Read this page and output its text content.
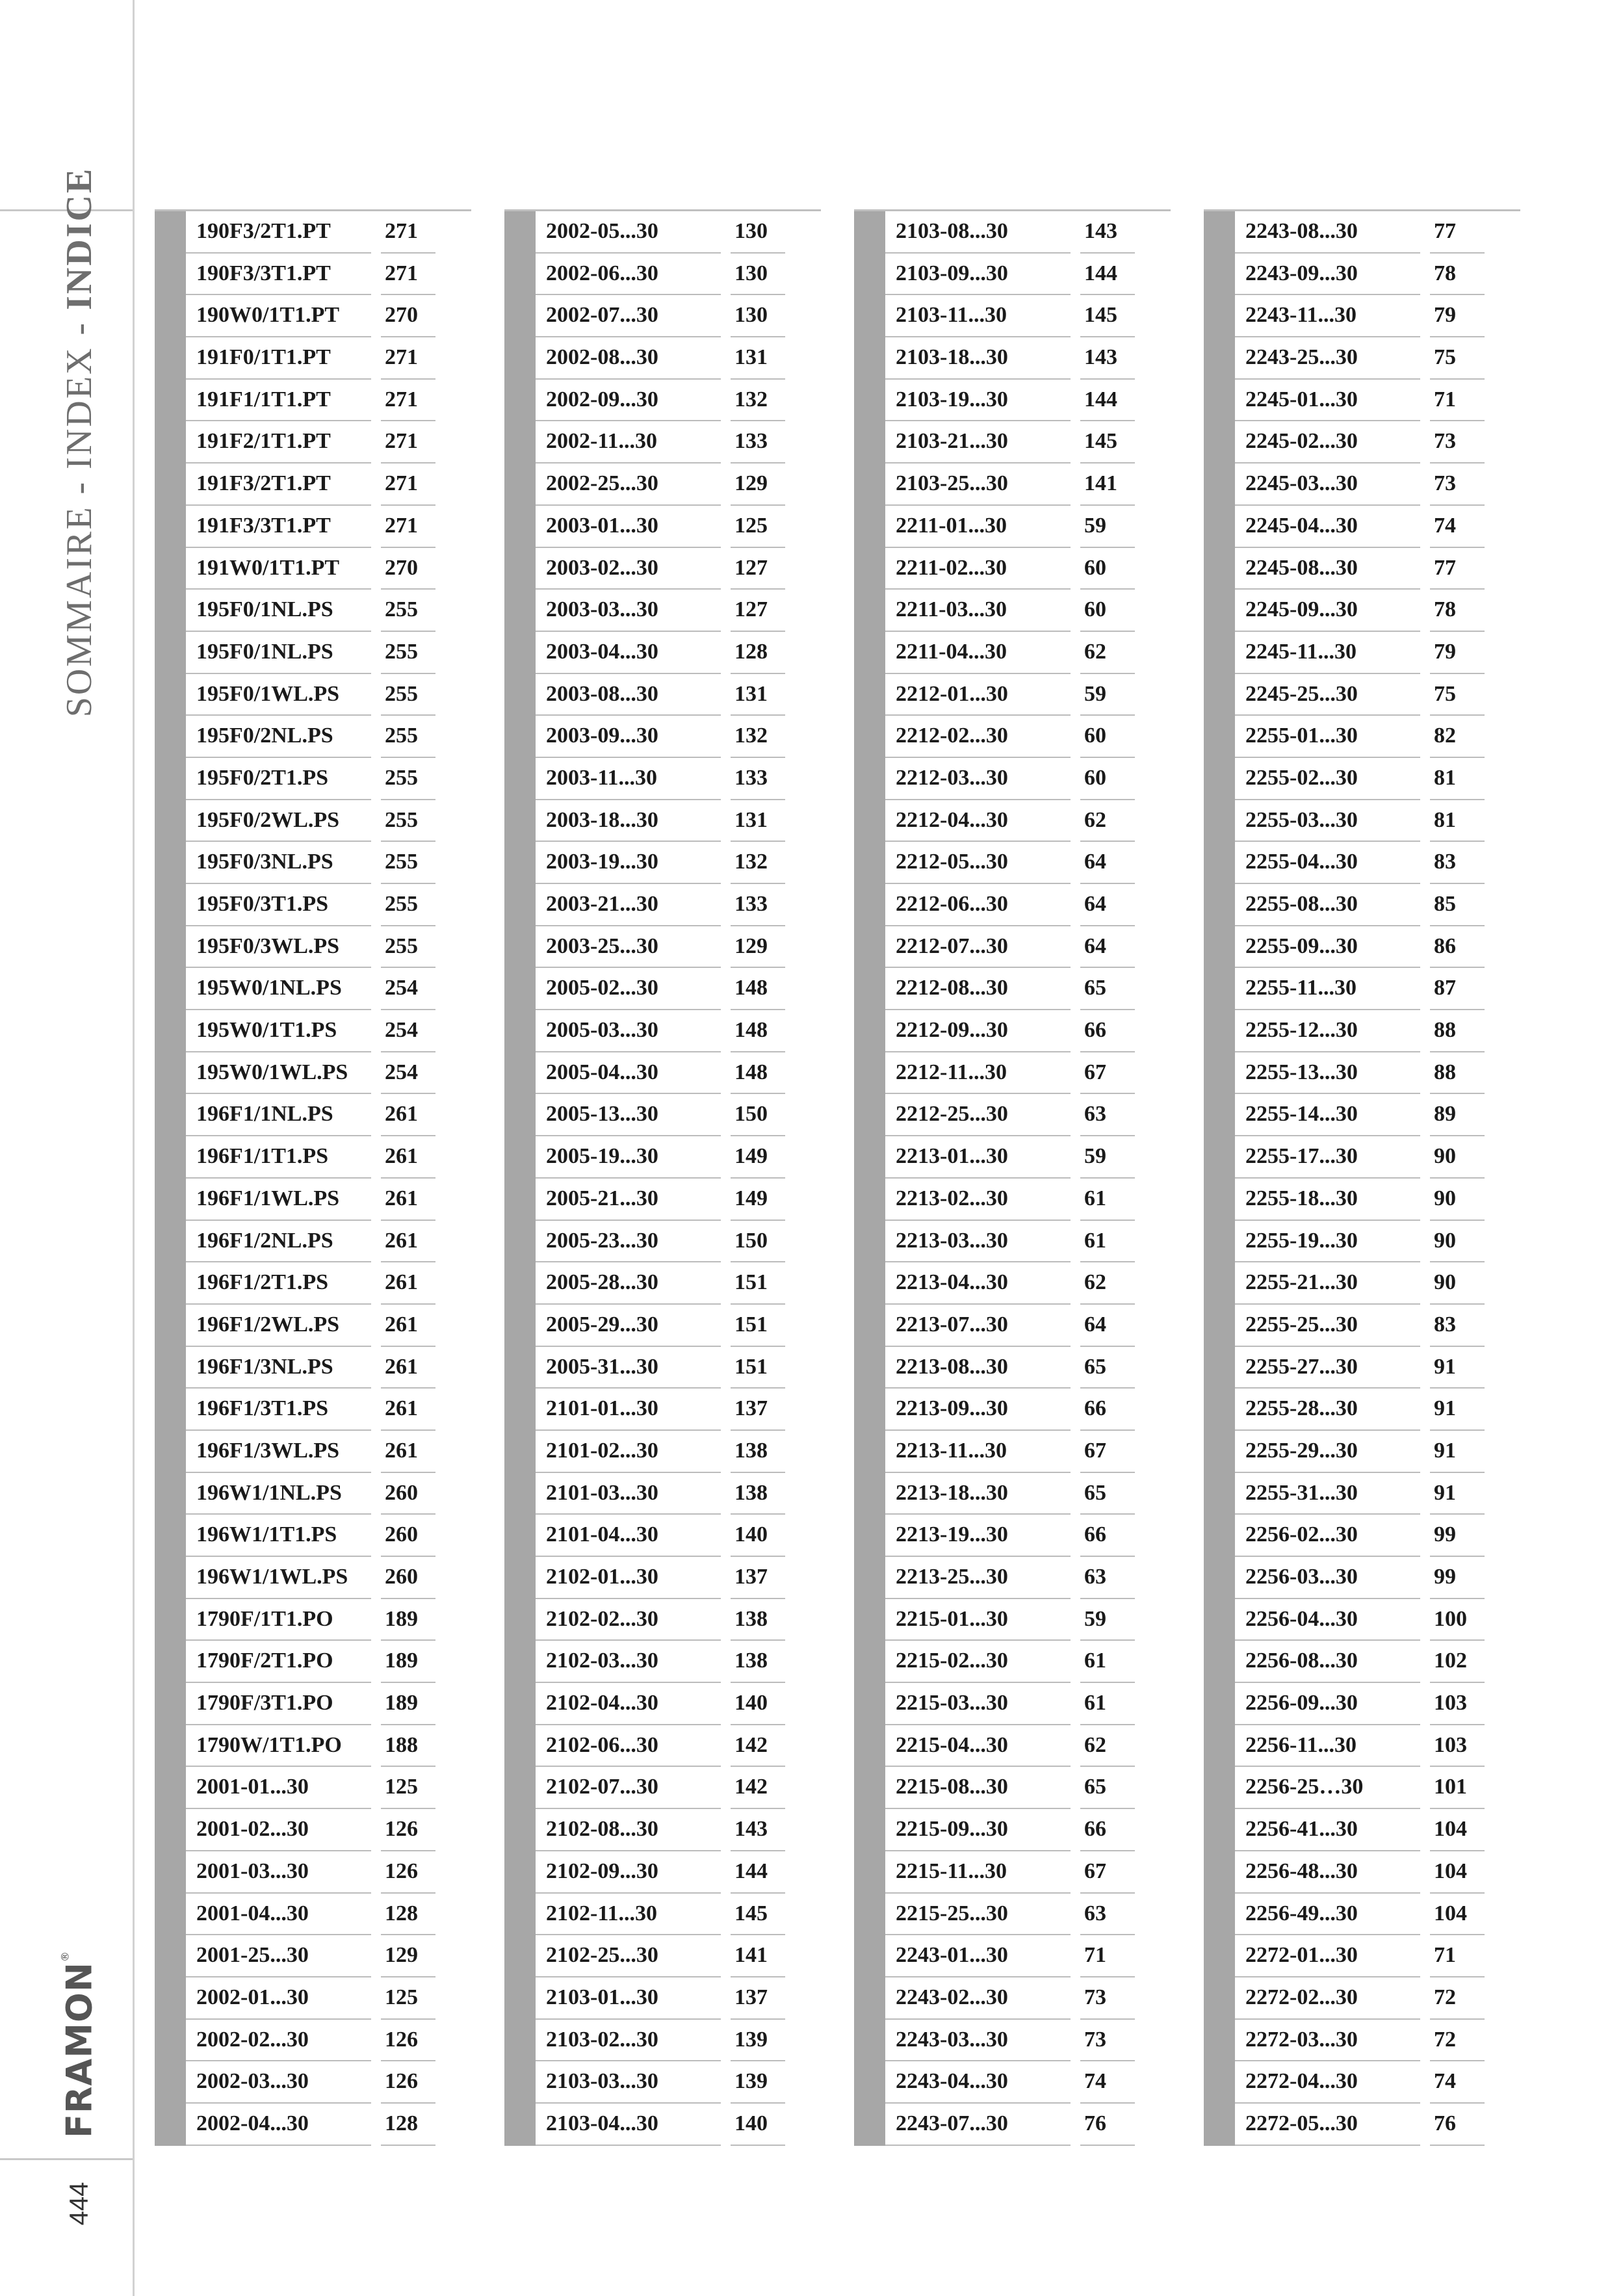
SOMMAIRE - INDEX - INDICE
FRAMON®
444
190F3/2T1.PT	271
190F3/3T1.PT	271
190W0/1T1.PT	270
191F0/1T1.PT	271
191F1/1T1.PT	271
191F2/1T1.PT	271
191F3/2T1.PT	271
191F3/3T1.PT	271
191W0/1T1.PT	270
195F0/1NL.PS	255
195F0/1NL.PS	255
195F0/1WL.PS	255
195F0/2NL.PS	255
195F0/2T1.PS	255
195F0/2WL.PS	255
195F0/3NL.PS	255
195F0/3T1.PS	255
195F0/3WL.PS	255
195W0/1NL.PS	254
195W0/1T1.PS	254
195W0/1WL.PS	254
196F1/1NL.PS	261
196F1/1T1.PS	261
196F1/1WL.PS	261
196F1/2NL.PS	261
196F1/2T1.PS	261
196F1/2WL.PS	261
196F1/3NL.PS	261
196F1/3T1.PS	261
196F1/3WL.PS	261
196W1/1NL.PS	260
196W1/1T1.PS	260
196W1/1WL.PS	260
1790F/1T1.PO	189
1790F/2T1.PO	189
1790F/3T1.PO	189
1790W/1T1.PO	188
2001-01...30	125
2001-02...30	126
2001-03...30	126
2001-04...30	128
2001-25...30	129
2002-01...30	125
2002-02...30	126
2002-03...30	126
2002-04...30	128
2002-05...30	130
2002-06...30	130
2002-07...30	130
2002-08...30	131
2002-09...30	132
2002-11...30	133
2002-25...30	129
2003-01...30	125
2003-02...30	127
2003-03...30	127
2003-04...30	128
2003-08...30	131
2003-09...30	132
2003-11...30	133
2003-18...30	131
2003-19...30	132
2003-21...30	133
2003-25...30	129
2005-02...30	148
2005-03...30	148
2005-04...30	148
2005-13...30	150
2005-19...30	149
2005-21...30	149
2005-23...30	150
2005-28...30	151
2005-29...30	151
2005-31...30	151
2101-01...30	137
2101-02...30	138
2101-03...30	138
2101-04...30	140
2102-01...30	137
2102-02...30	138
2102-03...30	138
2102-04...30	140
2102-06...30	142
2102-07...30	142
2102-08...30	143
2102-09...30	144
2102-11...30	145
2102-25...30	141
2103-01...30	137
2103-02...30	139
2103-03...30	139
2103-04...30	140
2103-08...30	143
2103-09...30	144
2103-11...30	145
2103-18...30	143
2103-19...30	144
2103-21...30	145
2103-25...30	141
2211-01...30	59
2211-02...30	60
2211-03...30	60
2211-04...30	62
2212-01...30	59
2212-02...30	60
2212-03...30	60
2212-04...30	62
2212-05...30	64
2212-06...30	64
2212-07...30	64
2212-08...30	65
2212-09...30	66
2212-11...30	67
2212-25...30	63
2213-01...30	59
2213-02...30	61
2213-03...30	61
2213-04...30	62
2213-07...30	64
2213-08...30	65
2213-09...30	66
2213-11...30	67
2213-18...30	65
2213-19...30	66
2213-25...30	63
2215-01...30	59
2215-02...30	61
2215-03...30	61
2215-04...30	62
2215-08...30	65
2215-09...30	66
2215-11...30	67
2215-25...30	63
2243-01...30	71
2243-02...30	73
2243-03...30	73
2243-04...30	74
2243-07...30	76
2243-08...30	77
2243-09...30	78
2243-11...30	79
2243-25...30	75
2245-01...30	71
2245-02...30	73
2245-03...30	73
2245-04...30	74
2245-08...30	77
2245-09...30	78
2245-11...30	79
2245-25...30	75
2255-01...30	82
2255-02...30	81
2255-03...30	81
2255-04...30	83
2255-08...30	85
2255-09...30	86
2255-11...30	87
2255-12...30	88
2255-13...30	88
2255-14...30	89
2255-17...30	90
2255-18...30	90
2255-19...30	90
2255-21...30	90
2255-25...30	83
2255-27...30	91
2255-28...30	91
2255-29...30	91
2255-31...30	91
2256-02...30	99
2256-03...30	99
2256-04...30	100
2256-08...30	102
2256-09...30	103
2256-11...30	103
2256-25…30	101
2256-41...30	104
2256-48...30	104
2256-49...30	104
2272-01...30	71
2272-02...30	72
2272-03...30	72
2272-04...30	74
2272-05...30	76
